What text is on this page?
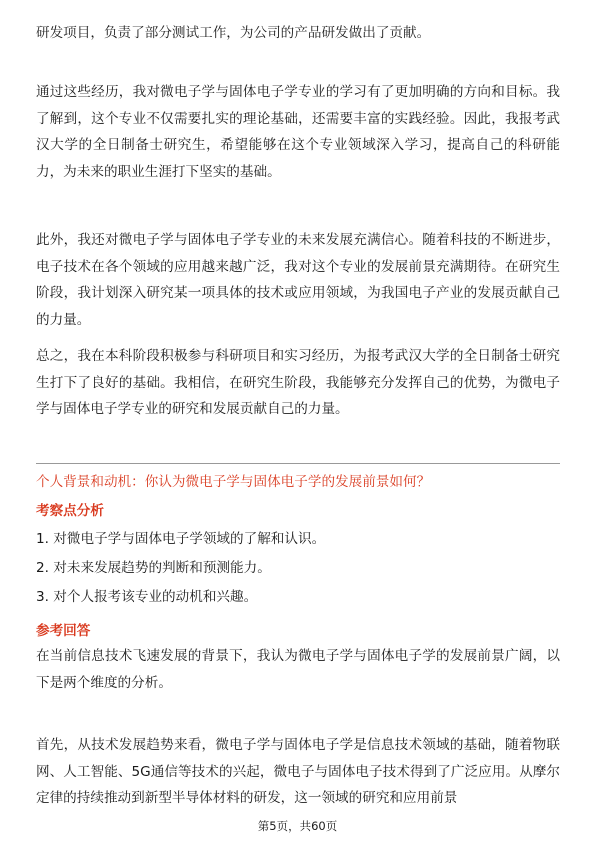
研发项目，负责了部分测试工作，为公司的产品研发做出了贡献。

通过这些经历，我对微电子学与固体电子学专业的学习有了更加明确的方向和目标。我了解到，这个专业不仅需要扎实的理论基础，还需要丰富的实践经验。因此，我报考武汉大学的全日制备士研究生，希望能够在这个专业领域深入学习，提高自己的科研能力，为未来的职业生涯打下坚实的基础。

此外，我还对微电子学与固体电子学专业的未来发展充满信心。随着科技的不断进步，电子技术在各个领域的应用越来越广泛，我对这个专业的发展前景充满期待。在研究生阶段，我计划深入研究某一项具体的技术或应用领域，为我国电子产业的发展贡献自己的力量。

总之，我在本科阶段积极参与科研项目和实习经历，为报考武汉大学的全日制备士研究生打下了良好的基础。我相信，在研究生阶段，我能够充分发挥自己的优势，为微电子学与固体电子学专业的研究和发展贡献自己的力量。

个人背景和动机：你认为微电子学与固体电子学的发展前景如何？
考察点分析
1. 对微电子学与固体电子学领域的了解和认识。
2. 对未来发展趋势的判断和预测能力。
3. 对个人报考该专业的动机和兴趣。
参考回答

在当前信息技术飞速发展的背景下，我认为微电子学与固体电子学的发展前景广阔，以下是两个维度的分析。

首先，从技术发展趋势来看，微电子学与固体电子学是信息技术领域的基础，随着物联网、人工智能、5G通信等技术的兴起，微电子与固体电子技术得到了广泛应用。从摩尔定律的持续推动到新型半导体材料的研发，这一领域的研究和应用前景

第5页，共60页
